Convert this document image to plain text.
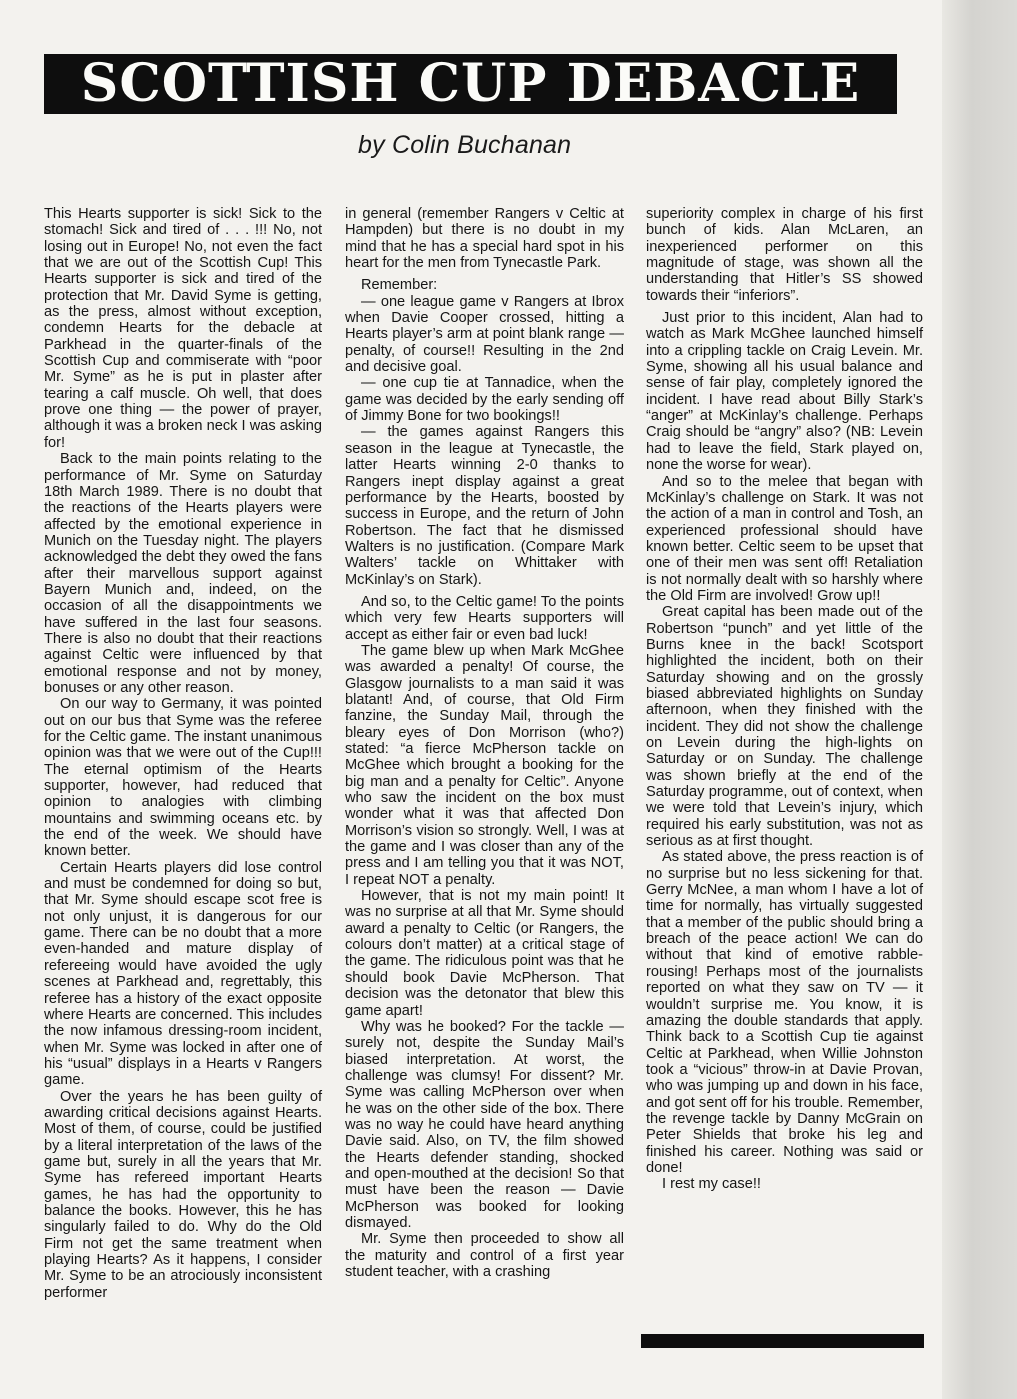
SCOTTISH CUP DEBACLE
by Colin Buchanan

This Hearts supporter is sick! Sick to the stomach! Sick and tired of . . . !!! No, not losing out in Europe! No, not even the fact that we are out of the Scottish Cup! This Hearts supporter is sick and tired of the protection that Mr. David Syme is getting, as the press, almost without exception, condemn Hearts for the debacle at Parkhead in the quarter-finals of the Scottish Cup and commiserate with “poor Mr. Syme” as he is put in plaster after tearing a calf muscle. Oh well, that does prove one thing — the power of prayer, although it was a broken neck I was asking for!

Back to the main points relating to the performance of Mr. Syme on Saturday 18th March 1989. There is no doubt that the reactions of the Hearts players were affected by the emotional experience in Munich on the Tuesday night. The players acknowledged the debt they owed the fans after their marvellous support against Bayern Munich and, indeed, on the occasion of all the disappointments we have suffered in the last four seasons. There is also no doubt that their reactions against Celtic were influenced by that emotional response and not by money, bonuses or any other reason.

On our way to Germany, it was pointed out on our bus that Syme was the referee for the Celtic game. The instant unanimous opinion was that we were out of the Cup!!! The eternal optimism of the Hearts supporter, however, had reduced that opinion to analogies with climbing mountains and swimming oceans etc. by the end of the week. We should have known better.

Certain Hearts players did lose control and must be condemned for doing so but, that Mr. Syme should escape scot free is not only unjust, it is dangerous for our game. There can be no doubt that a more even-handed and mature display of refereeing would have avoided the ugly scenes at Parkhead and, regrettably, this referee has a history of the exact opposite where Hearts are concerned. This includes the now infamous dressing-room incident, when Mr. Syme was locked in after one of his “usual” displays in a Hearts v Rangers game.

Over the years he has been guilty of awarding critical decisions against Hearts. Most of them, of course, could be justified by a literal interpretation of the laws of the game but, surely in all the years that Mr. Syme has refereed important Hearts games, he has had the opportunity to balance the books. However, this he has singularly failed to do. Why do the Old Firm not get the same treatment when playing Hearts? As it happens, I consider Mr. Syme to be an atrociously inconsistent performer

in general (remember Rangers v Celtic at Hampden) but there is no doubt in my mind that he has a special hard spot in his heart for the men from Tynecastle Park.

Remember:

— one league game v Rangers at Ibrox when Davie Cooper crossed, hitting a Hearts player’s arm at point blank range — penalty, of course!! Resulting in the 2nd and decisive goal.

— one cup tie at Tannadice, when the game was decided by the early sending off of Jimmy Bone for two bookings!!

— the games against Rangers this season in the league at Tynecastle, the latter Hearts winning 2-0 thanks to Rangers inept display against a great performance by the Hearts, boosted by success in Europe, and the return of John Robertson. The fact that he dismissed Walters is no justification. (Compare Mark Walters’ tackle on Whittaker with McKinlay’s on Stark).

And so, to the Celtic game! To the points which very few Hearts supporters will accept as either fair or even bad luck!

The game blew up when Mark McGhee was awarded a penalty! Of course, the Glasgow journalists to a man said it was blatant! And, of course, that Old Firm fanzine, the Sunday Mail, through the bleary eyes of Don Morrison (who?) stated: “a fierce McPherson tackle on McGhee which brought a booking for the big man and a penalty for Celtic”. Anyone who saw the incident on the box must wonder what it was that affected Don Morrison’s vision so strongly. Well, I was at the game and I was closer than any of the press and I am telling you that it was NOT, I repeat NOT a penalty.

However, that is not my main point! It was no surprise at all that Mr. Syme should award a penalty to Celtic (or Rangers, the colours don’t matter) at a critical stage of the game. The ridiculous point was that he should book Davie McPherson. That decision was the detonator that blew this game apart!

Why was he booked? For the tackle —surely not, despite the Sunday Mail’s biased interpretation. At worst, the challenge was clumsy! For dissent? Mr. Syme was calling McPherson over when he was on the other side of the box. There was no way he could have heard anything Davie said. Also, on TV, the film showed the Hearts defender standing, shocked and open-mouthed at the decision! So that must have been the reason — Davie McPherson was booked for looking dismayed.

Mr. Syme then proceeded to show all the maturity and control of a first year student teacher, with a crashing

superiority complex in charge of his first bunch of kids. Alan McLaren, an inexperienced performer on this magnitude of stage, was shown all the understanding that Hitler’s SS showed towards their “inferiors”.

Just prior to this incident, Alan had to watch as Mark McGhee launched himself into a crippling tackle on Craig Levein. Mr. Syme, showing all his usual balance and sense of fair play, completely ignored the incident. I have read about Billy Stark’s “anger” at McKinlay’s challenge. Perhaps Craig should be “angry” also? (NB: Levein had to leave the field, Stark played on, none the worse for wear).

And so to the melee that began with McKinlay’s challenge on Stark. It was not the action of a man in control and Tosh, an experienced professional should have known better. Celtic seem to be upset that one of their men was sent off! Retaliation is not normally dealt with so harshly where the Old Firm are involved! Grow up!!

Great capital has been made out of the Robertson “punch” and yet little of the Burns knee in the back! Scotsport highlighted the incident, both on their Saturday showing and on the grossly biased abbreviated highlights on Sunday afternoon, when they finished with the incident. They did not show the challenge on Levein during the high-lights on Saturday or on Sunday. The challenge was shown briefly at the end of the Saturday programme, out of context, when we were told that Levein’s injury, which required his early substitution, was not as serious as at first thought.

As stated above, the press reaction is of no surprise but no less sickening for that. Gerry McNee, a man whom I have a lot of time for normally, has virtually suggested that a member of the public should bring a breach of the peace action! We can do without that kind of emotive rabble-rousing! Perhaps most of the journalists reported on what they saw on TV — it wouldn’t surprise me. You know, it is amazing the double standards that apply. Think back to a Scottish Cup tie against Celtic at Parkhead, when Willie Johnston took a “vicious” throw-in at Davie Provan, who was jumping up and down in his face, and got sent off for his trouble. Remember, the revenge tackle by Danny McGrain on Peter Shields that broke his leg and finished his career. Nothing was said or done!

I rest my case!!
